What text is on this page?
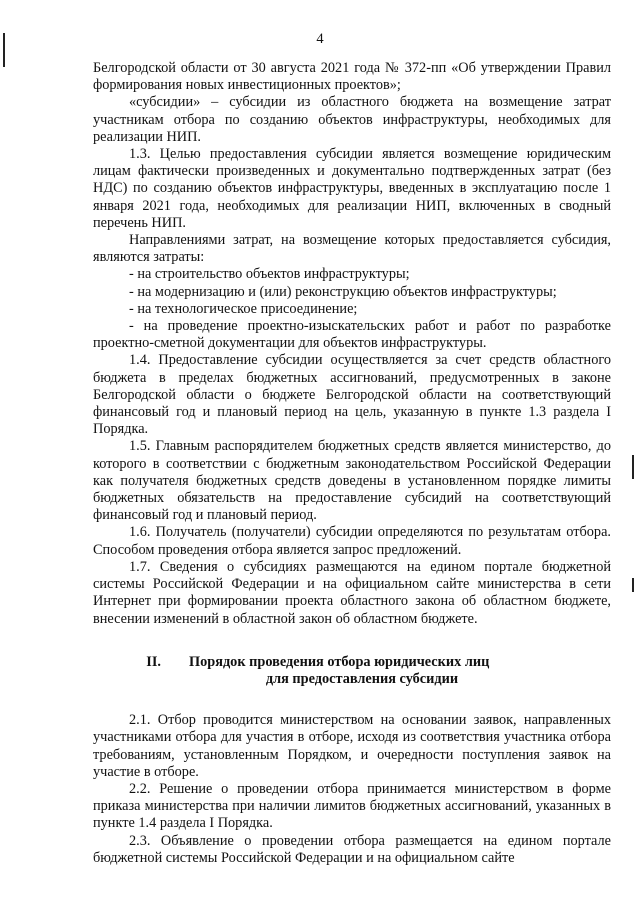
4

Белгородской области от 30 августа 2021 года № 372-пп «Об утверждении Правил формирования новых инвестиционных проектов»;

«субсидии» – субсидии из областного бюджета на возмещение затрат участникам отбора по созданию объектов инфраструктуры, необходимых для реализации НИП.

1.3. Целью предоставления субсидии является возмещение юридическим лицам фактически произведенных и документально подтвержденных затрат (без НДС) по созданию объектов инфраструктуры, введенных в эксплуатацию после 1 января 2021 года, необходимых для реализации НИП, включенных в сводный перечень НИП.

Направлениями затрат, на возмещение которых предоставляется субсидия, являются затраты:

- на строительство объектов инфраструктуры;

- на модернизацию и (или) реконструкцию объектов инфраструктуры;

- на технологическое присоединение;

- на проведение проектно-изыскательских работ и работ по разработке проектно-сметной документации для объектов инфраструктуры.

1.4. Предоставление субсидии осуществляется за счет средств областного бюджета в пределах бюджетных ассигнований, предусмотренных в законе Белгородской области о бюджете Белгородской области на соответствующий финансовый год и плановый период на цель, указанную в пункте 1.3 раздела I Порядка.

1.5. Главным распорядителем бюджетных средств является министерство, до которого в соответствии с бюджетным законодательством Российской Федерации как получателя бюджетных средств доведены в установленном порядке лимиты бюджетных обязательств на предоставление субсидий на соответствующий финансовый год и плановый период.

1.6. Получатель (получатели) субсидии определяются по результатам отбора. Способом проведения отбора является запрос предложений.

1.7. Сведения о субсидиях размещаются на едином портале бюджетной системы Российской Федерации и на официальном сайте министерства в сети Интернет при формировании проекта областного закона об областном бюджете, внесении изменений в областной закон об областном бюджете.

II.	Порядок проведения отбора юридических лиц
для предоставления субсидии

2.1. Отбор проводится министерством на основании заявок, направленных участниками отбора для участия в отборе, исходя из соответствия участника отбора требованиям, установленным Порядком, и очередности поступления заявок на участие в отборе.

2.2. Решение о проведении отбора принимается министерством в форме приказа министерства при наличии лимитов бюджетных ассигнований, указанных в пункте 1.4 раздела I Порядка.

2.3. Объявление о проведении отбора размещается на едином портале бюджетной системы Российской Федерации и на официальном сайте
